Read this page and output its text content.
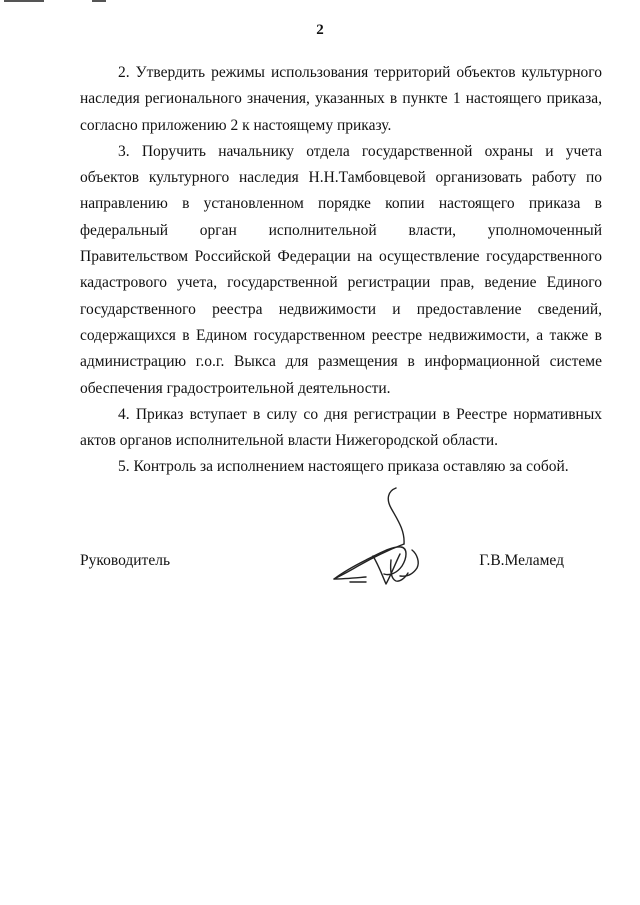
2

2. Утвердить режимы использования территорий объектов культурного наследия регионального значения, указанных в пункте 1 настоящего приказа, согласно приложению 2 к настоящему приказу.

3. Поручить начальнику отдела государственной охраны и учета объектов культурного наследия Н.Н.Тамбовцевой организовать работу по направлению в установленном порядке копии настоящего приказа в федеральный орган исполнительной власти, уполномоченный Правительством Российской Федерации на осуществление государственного кадастрового учета, государственной регистрации прав, ведение Единого государственного реестра недвижимости и предоставление сведений, содержащихся в Едином государственном реестре недвижимости, а также в администрацию г.о.г. Выкса для размещения в информационной системе обеспечения градостроительной деятельности.

4. Приказ вступает в силу со дня регистрации в Реестре нормативных актов органов исполнительной власти Нижегородской области.

5. Контроль за исполнением настоящего приказа оставляю за собой.

Руководитель	Г.В.Меламед
